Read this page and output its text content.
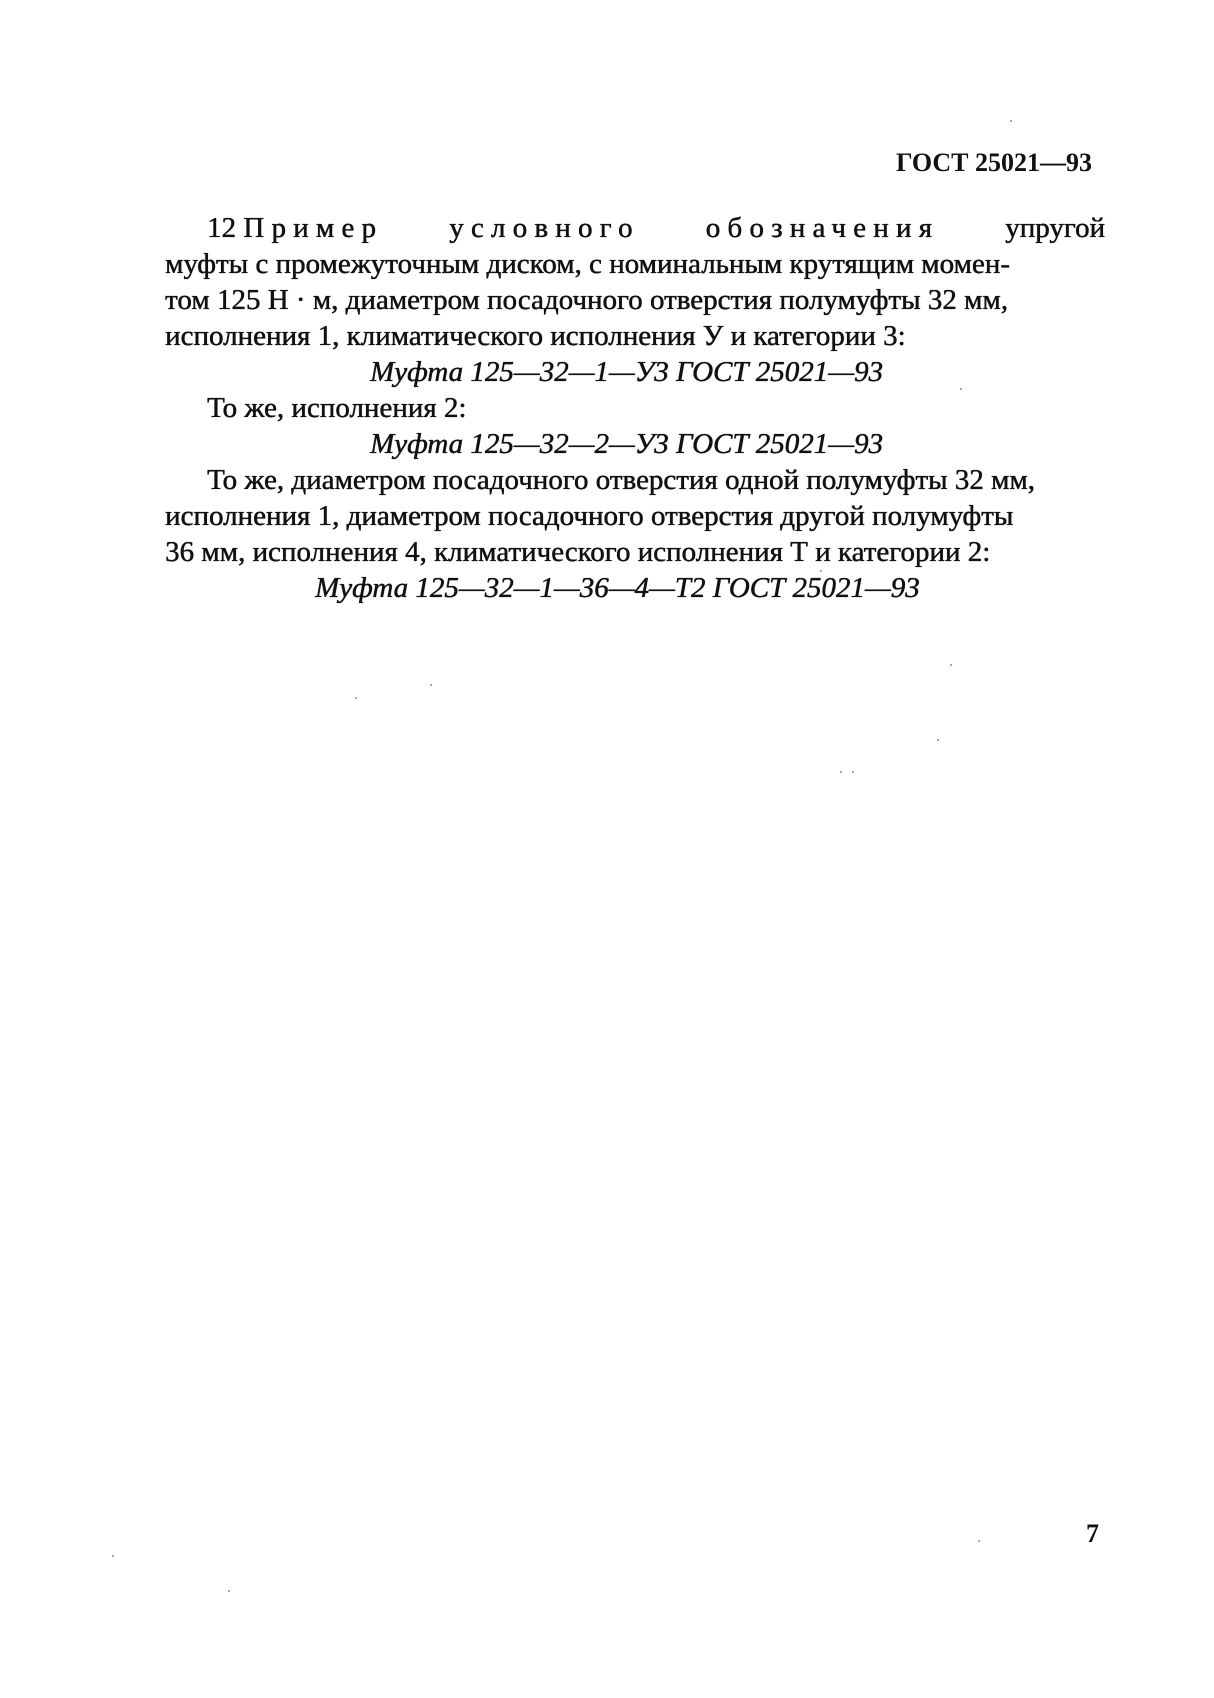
ГОСТ 25021—93
12 Пример условного обозначения упругой
муфты с промежуточным диском, с номинальным крутящим момен-
том 125 Н · м, диаметром посадочного отверстия полумуфты 32 мм,
исполнения 1, климатического исполнения У и категории 3:
Муфта 125—32—1—У3 ГОСТ 25021—93
То же, исполнения 2:
Муфта 125—32—2—У3 ГОСТ 25021—93
То же, диаметром посадочного отверстия одной полумуфты 32 мм,
исполнения 1, диаметром посадочного отверстия другой полумуфты
36 мм, исполнения 4, климатического исполнения Т и категории 2:
Муфта 125—32—1—36—4—Т2 ГОСТ 25021—93
7
